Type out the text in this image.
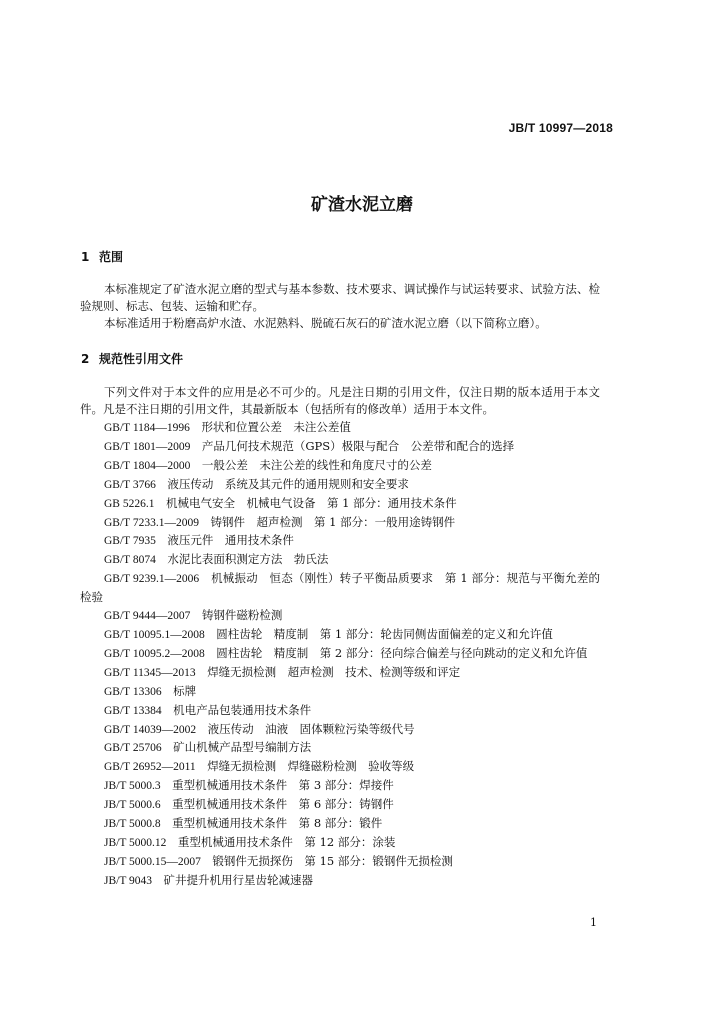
JB/T 10997—2018
矿渣水泥立磨
1 范围
本标准规定了矿渣水泥立磨的型式与基本参数、技术要求、调试操作与试运转要求、试验方法、检验规则、标志、包装、运输和贮存。
本标准适用于粉磨高炉水渣、水泥熟料、脱硫石灰石的矿渣水泥立磨（以下简称立磨）。
2 规范性引用文件
下列文件对于本文件的应用是必不可少的。凡是注日期的引用文件，仅注日期的版本适用于本文件。凡是不注日期的引用文件，其最新版本（包括所有的修改单）适用于本文件。
GB/T 1184—1996　 形状和位置公差　未注公差值
GB/T 1801—2009　 产品几何技术规范（GPS）极限与配合　公差带和配合的选择
GB/T 1804—2000　 一般公差　未注公差的线性和角度尺寸的公差
GB/T 3766　 液压传动　系统及其元件的通用规则和安全要求
GB 5226.1　 机械电气安全　机械电气设备　第 1 部分：通用技术条件
GB/T 7233.1—2009　 铸钢件　超声检测　第 1 部分：一般用途铸钢件
GB/T 7935　 液压元件　通用技术条件
GB/T 8074　 水泥比表面积测定方法　勃氏法
GB/T 9239.1—2006　 机械振动　恒态（刚性）转子平衡品质要求　第 1 部分：规范与平衡允差的检验
GB/T 9444—2007　 铸钢件磁粉检测
GB/T 10095.1—2008　 圆柱齿轮　精度制　第 1 部分：轮齿同侧齿面偏差的定义和允许值
GB/T 10095.2—2008　 圆柱齿轮　精度制　第 2 部分：径向综合偏差与径向跳动的定义和允许值
GB/T 11345—2013　 焊缝无损检测　超声检测　技术、检测等级和评定
GB/T 13306　 标牌
GB/T 13384　 机电产品包装通用技术条件
GB/T 14039—2002　 液压传动　油液　固体颗粒污染等级代号
GB/T 25706　 矿山机械产品型号编制方法
GB/T 26952—2011　 焊缝无损检测　焊缝磁粉检测　验收等级
JB/T 5000.3　 重型机械通用技术条件　第 3 部分：焊接件
JB/T 5000.6　 重型机械通用技术条件　第 6 部分：铸钢件
JB/T 5000.8　 重型机械通用技术条件　第 8 部分：锻件
JB/T 5000.12　 重型机械通用技术条件　第 12 部分：涂装
JB/T 5000.15—2007　 锻钢件无损探伤　第 15 部分：锻钢件无损检测
JB/T 9043　 矿井提升机用行星齿轮减速器
1
